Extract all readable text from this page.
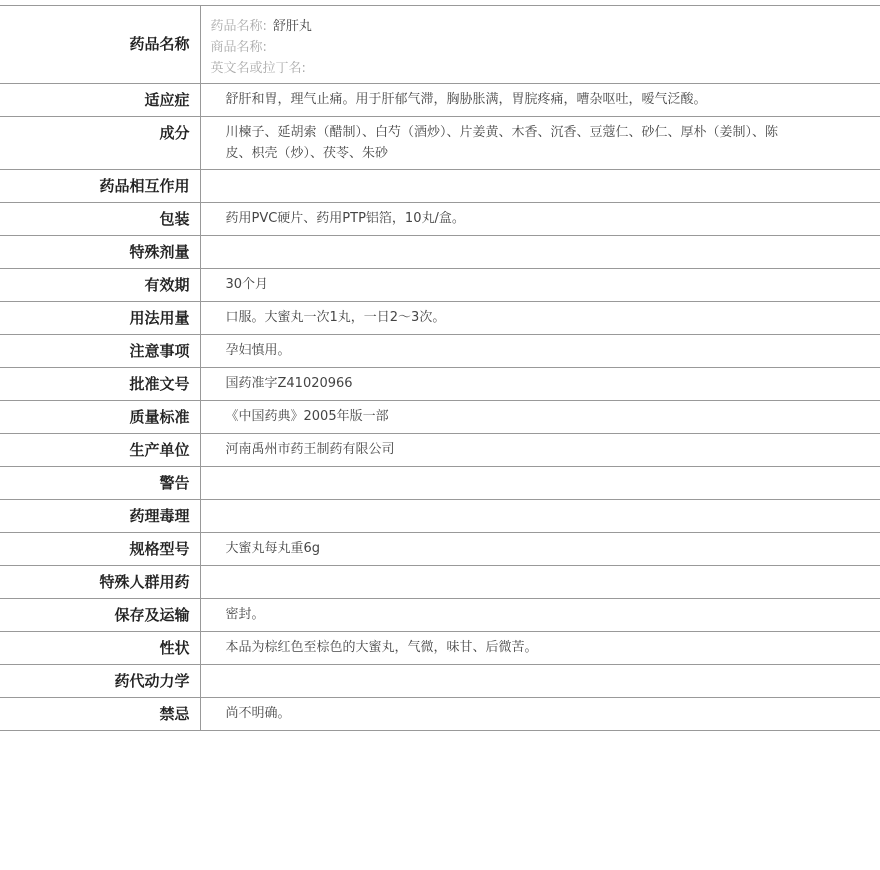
药品名称	药品名称: 舒肝丸
商品名称:
英文名或拉丁名:

适应症	舒肝和胃，理气止痛。用于肝郁气滞，胸胁胀满，胃脘疼痛，嘈杂呕吐，嗳气泛酸。
成分	川楝子、延胡索（醋制）、白芍（酒炒）、片姜黄、木香、沉香、豆蔻仁、砂仁、厚朴（姜制）、陈皮、枳壳（炒）、茯苓、朱砂
药品相互作用	
包装	药用PVC硬片、药用PTP铝箔，10丸/盒。
特殊剂量	
有效期	30个月
用法用量	口服。大蜜丸一次1丸，一日2～3次。
注意事项	孕妇慎用。
批准文号	国药准字Z41020966
质量标准	《中国药典》2005年版一部
生产单位	河南禹州市药王制药有限公司
警告	
药理毒理	
规格型号	大蜜丸每丸重6g
特殊人群用药	
保存及运输	密封。
性状	本品为棕红色至棕色的大蜜丸，气微，味甘、后微苦。
药代动力学	
禁忌	尚不明确。
